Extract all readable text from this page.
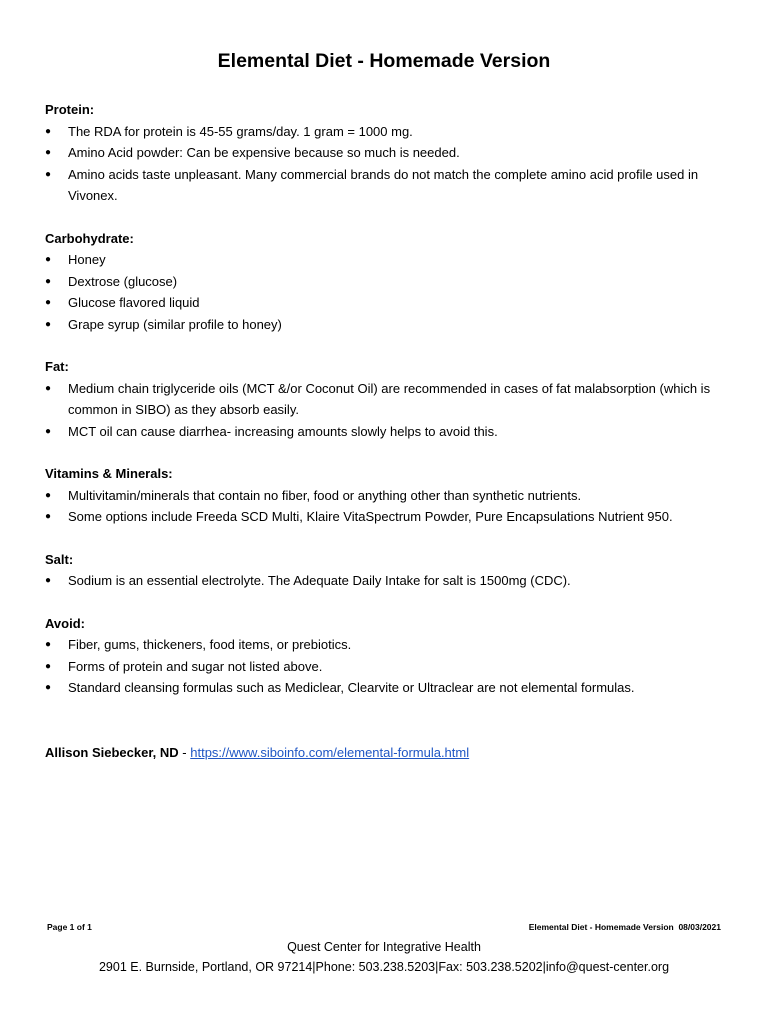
Elemental Diet - Homemade Version
Protein:
● The RDA for protein is 45-55 grams/day. 1 gram = 1000 mg.
● Amino Acid powder: Can be expensive because so much is needed.
● Amino acids taste unpleasant. Many commercial brands do not match the complete amino acid profile used in Vivonex.
Carbohydrate:
● Honey
● Dextrose (glucose)
● Glucose flavored liquid
● Grape syrup (similar profile to honey)
Fat:
● Medium chain triglyceride oils (MCT &/or Coconut Oil) are recommended in cases of fat malabsorption (which is common in SIBO) as they absorb easily.
● MCT oil can cause diarrhea- increasing amounts slowly helps to avoid this.
Vitamins & Minerals:
● Multivitamin/minerals that contain no fiber, food or anything other than synthetic nutrients.
● Some options include Freeda SCD Multi, Klaire VitaSpectrum Powder, Pure Encapsulations Nutrient 950.
Salt:
● Sodium is an essential electrolyte. The Adequate Daily Intake for salt is 1500mg (CDC).
Avoid:
● Fiber, gums, thickeners, food items, or prebiotics.
● Forms of protein and sugar not listed above.
● Standard cleansing formulas such as Mediclear, Clearvite or Ultraclear are not elemental formulas.
Allison Siebecker, ND - https://www.siboinfo.com/elemental-formula.html
Page 1 of 1	Elemental Diet - Homemade Version  08/03/2021
Quest Center for Integrative Health
2901 E. Burnside, Portland, OR 97214|Phone: 503.238.5203|Fax: 503.238.5202|info@quest-center.org
